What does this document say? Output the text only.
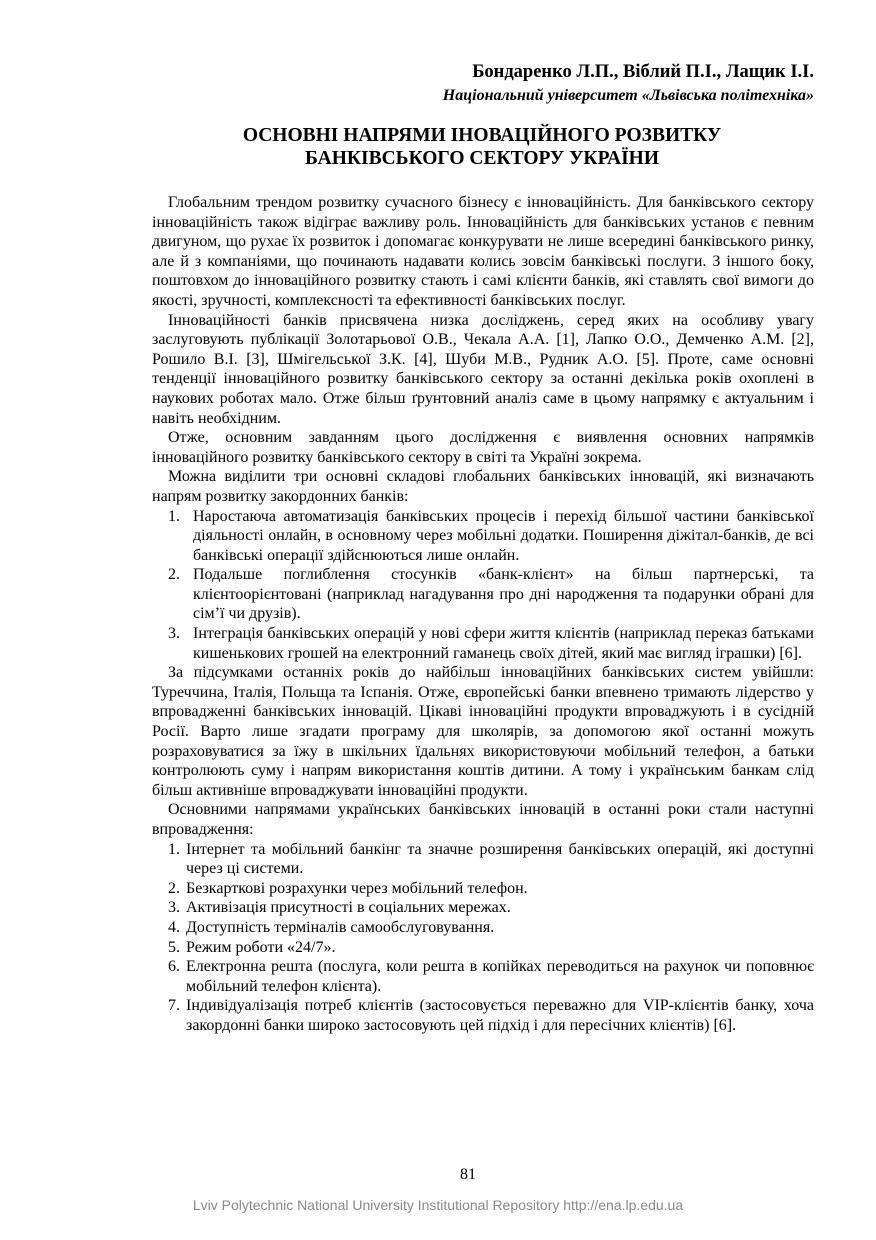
Бондаренко Л.П., Віблий П.І., Лащик І.І.
Національний університет «Львівська політехніка»
ОСНОВНІ НАПРЯМИ ІНОВАЦІЙНОГО РОЗВИТКУ
БАНКІВСЬКОГО СЕКТОРУ УКРАЇНИ

Глобальним трендом розвитку сучасного бізнесу є інноваційність. Для банківського сектору інноваційність також відіграє важливу роль. Інноваційність для банківських установ є певним двигуном, що рухає їх розвиток і допомагає конкурувати не лише всередині банківського ринку, але й з компаніями, що починають надавати колись зовсім банківські послуги. З іншого боку, поштовхом до інноваційного розвитку стають і самі клієнти банків, які ставлять свої вимоги до якості, зручності, комплексності та ефективності банківських послуг.

Інноваційності банків присвячена низка досліджень, серед яких на особливу увагу заслуговують публікації Золотарьової О.В., Чекала А.А. [1], Лапко О.О., Демченко А.М. [2], Рошило В.І. [3], Шмігельської З.К. [4], Шуби М.В., Рудник А.О. [5]. Проте, саме основні тенденції інноваційного розвитку банківського сектору за останні декілька років охоплені в наукових роботах мало. Отже більш ґрунтовний аналіз саме в цьому напрямку є актуальним і навіть необхідним.

Отже, основним завданням цього дослідження є виявлення основних напрямків інноваційного розвитку банківського сектору в світі та Україні зокрема.

Можна виділити три основні складові глобальних банківських інновацій, які визначають напрям розвитку закордонних банків:

1. Наростаюча автоматизація банківських процесів і перехід більшої частини банківської діяльності онлайн, в основному через мобільні додатки. Поширення діжітал-банків, де всі банківські операції здійснюються лише онлайн.
2. Подальше поглиблення стосунків «банк-клієнт» на більш партнерські, та клієнтоорієнтовані (наприклад нагадування про дні народження та подарунки обрані для сім’ї чи друзів).
3. Інтеграція банківських операцій у нові сфери життя клієнтів (наприклад переказ батьками кишенькових грошей на електронний гаманець своїх дітей, який має вигляд іграшки) [6].

За підсумками останніх років до найбільш інноваційних банківських систем увійшли: Туреччина, Італія, Польща та Іспанія. Отже, європейські банки впевнено тримають лідерство у впровадженні банківських інновацій. Цікаві інноваційні продукти впроваджують і в сусідній Росії. Варто лише згадати програму для школярів, за допомогою якої останні можуть розраховуватися за їжу в шкільних їдальнях використовуючи мобільний телефон, а батьки контролюють суму і напрям використання коштів дитини. А тому і українським банкам слід більш активніше впроваджувати інноваційні продукти.

Основними напрямами українських банківських інновацій в останні роки стали наступні впровадження:

1. Інтернет та мобільний банкінг та значне розширення банківських операцій, які доступні через ці системи.
2. Безкарткові розрахунки через мобільний телефон.
3. Активізація присутності в соціальних мережах.
4. Доступність терміналів самообслуговування.
5. Режим роботи «24/7».
6. Електронна решта (послуга, коли решта в копійках переводиться на рахунок чи поповнює мобільний телефон клієнта).
7. Індивідуалізація потреб клієнтів (застосовується переважно для VIP-клієнтів банку, хоча закордонні банки широко застосовують цей підхід і для пересічних клієнтів) [6].
81
Lviv Polytechnic National University Institutional Repository http://ena.lp.edu.ua
